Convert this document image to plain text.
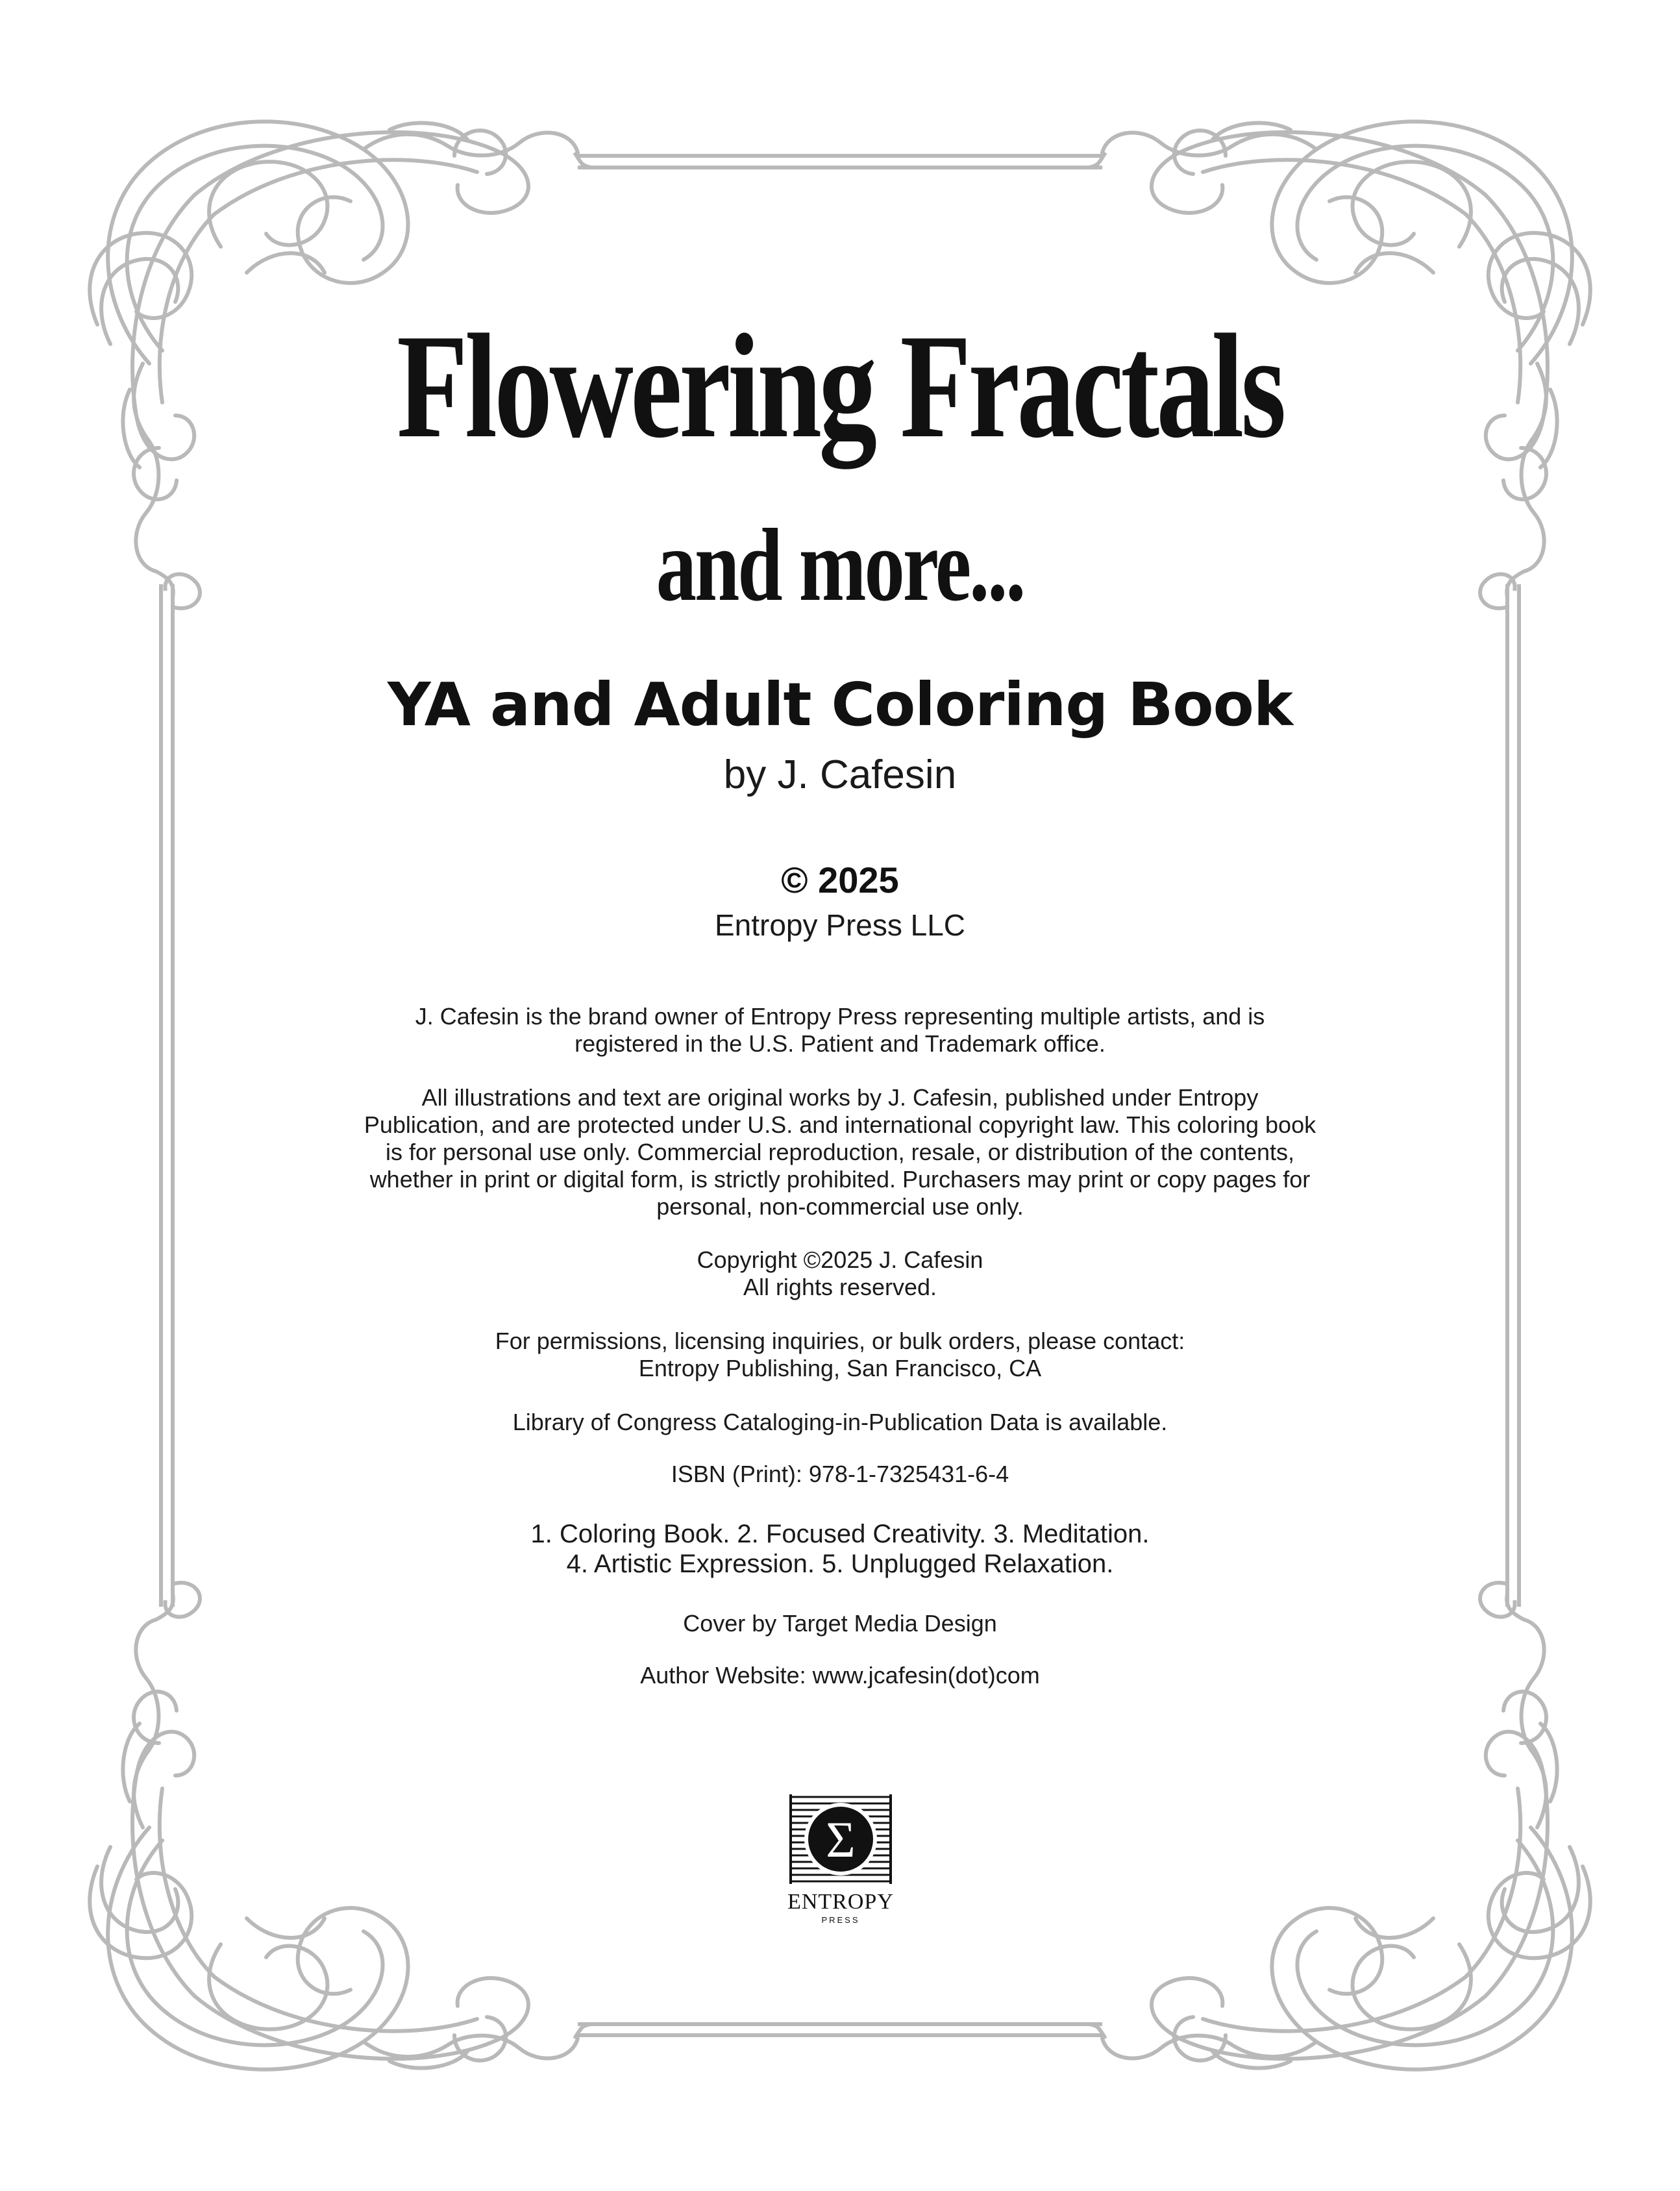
Flowering Fractals
and more...
YA and Adult Coloring Book
by J. Cafesin
© 2025
Entropy Press LLC

J. Cafesin is the brand owner of Entropy Press representing multiple artists, and is registered in the U.S. Patient and Trademark office.

All illustrations and text are original works by J. Cafesin, published under Entropy Publication, and are protected under U.S. and international copyright law. This coloring book is for personal use only. Commercial reproduction, resale, or distribution of the contents, whether in print or digital form, is strictly prohibited. Purchasers may print or copy pages for personal, non-commercial use only.

Copyright ©2025 J. Cafesin

All rights reserved.

For permissions, licensing inquiries, or bulk orders, please contact:

Entropy Publishing, San Francisco, CA

Library of Congress Cataloging-in-Publication Data is available.

ISBN (Print): 978-1-7325431-6-4

1. Coloring Book. 2. Focused Creativity. 3. Meditation.

4. Artistic Expression. 5. Unplugged Relaxation.

Cover by Target Media Design

Author Website: www.jcafesin(dot)com

Σ
ENTROPY
PRESS
